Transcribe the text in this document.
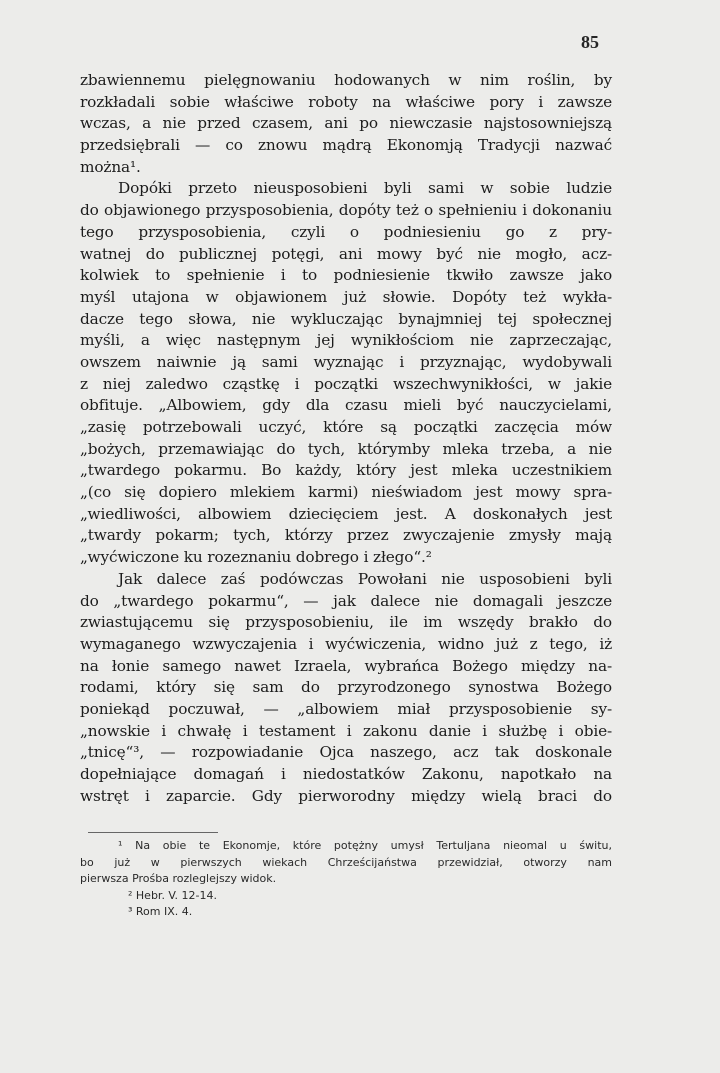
85
zbawiennemu pielęgnowaniu hodowanych w nim roślin, by
rozkładali sobie właściwe roboty na właściwe pory i zawsze
wczas, a nie przed czasem, ani po niewczasie najstosowniejszą
przedsiębrali — co znowu mądrą Ekonomją Tradycji nazwać
można¹.
Dopóki przeto nieusposobieni byli sami w sobie ludzie
do objawionego przysposobienia, dopóty też o spełnieniu i dokonaniu tego przysposobienia, czyli o podniesieniu go z pry-
watnej do publicznej potęgi, ani mowy być nie mogło, acz-
kolwiek to spełnienie i to podniesienie tkwiło zawsze jako
myśl utajona w objawionem już słowie. Dopóty też wykła-
dacze tego słowa, nie wykluczając bynajmniej tej społecznej
myśli, a więc następnym jej wynikłościom nie zaprzeczając,
owszem naiwnie ją sami wyznając i przyznając, wydobywali
z niej zaledwo cząstkę i początki wszechwynikłości, w jakie
obfituje. „Albowiem, gdy dla czasu mieli być nauczycielami,
„zasię potrzebowali uczyć, które są początki zaczęcia mów
„bożych, przemawiając do tych, którymby mleka trzeba, a nie
„twardego pokarmu. Bo każdy, który jest mleka uczestnikiem
„(co się dopiero mlekiem karmi) nieświadom jest mowy spra-
„wiedliwości, albowiem dziecięciem jest. A doskonałych jest
„twardy pokarm; tych, którzy przez zwyczajenie zmysły mają
„wyćwiczone ku rozeznaniu dobrego i złego“.²
Jak dalece zaś podówczas Powołani nie usposobieni byli
do „twardego pokarmu“, — jak dalece nie domagali jeszcze
zwiastującemu się przysposobieniu, ile im wszędy brakło do
wymaganego wzwyczajenia i wyćwiczenia, widno już z tego, iż
na łonie samego nawet Izraela, wybrańca Bożego między na-
rodami, który się sam do przyrodzonego synostwa Bożego
poniekąd poczuwał, — „albowiem miał przysposobienie sy-
„nowskie i chwałę i testament i zakonu danie i służbę i obie-
„tnicę“³, — rozpowiadanie Ojca naszego, acz tak doskonale
dopełniające domagań i niedostatków Zakonu, napotkało na
wstręt i zaparcie. Gdy pierworodny między wielą braci do
¹ Na obie te Ekonomje, które potężny umysł Tertuljana nieomal u świtu,
bo już w pierwszych wiekach Chrześcijaństwa przewidział, otworzy nam
pierwsza Prośba rozleglejszy widok.
² Hebr. V. 12-14.
³ Rom IX. 4.
